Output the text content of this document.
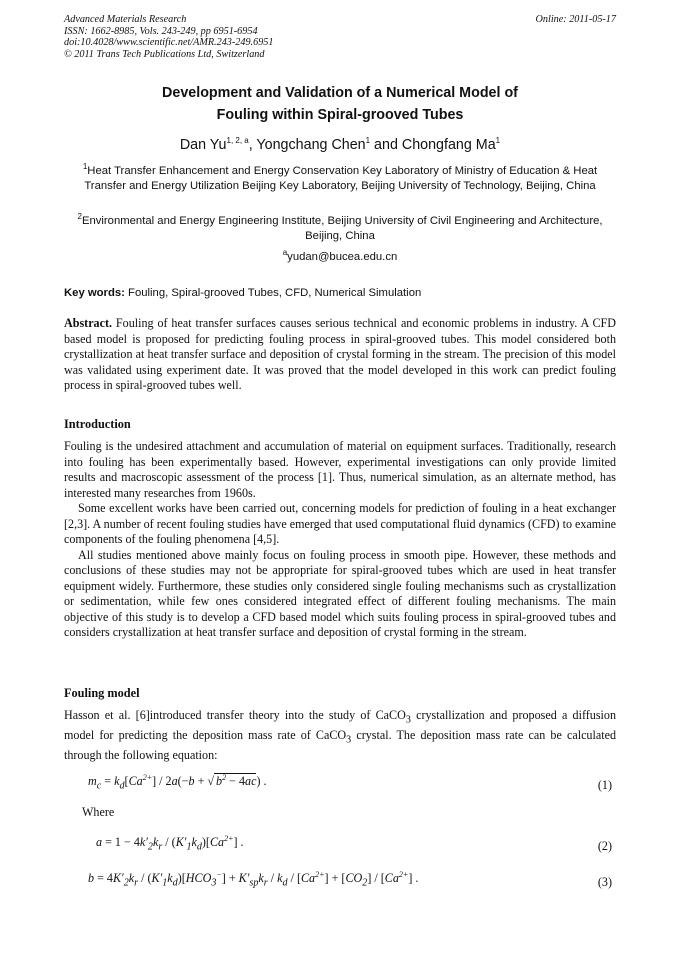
Advanced Materials Research
ISSN: 1662-8985, Vols. 243-249, pp 6951-6954
doi:10.4028/www.scientific.net/AMR.243-249.6951
© 2011 Trans Tech Publications Ltd, Switzerland
Online: 2011-05-17
Development and Validation of a Numerical Model of
Fouling within Spiral-grooved Tubes
Dan Yu$^{1, 2, a}$, Yongchang Chen$^1$ and Chongfang Ma$^1$
$^1$Heat Transfer Enhancement and Energy Conservation Key Laboratory of Ministry of Education & Heat Transfer and Energy Utilization Beijing Key Laboratory, Beijing University of Technology, Beijing, China
$^2$Environmental and Energy Engineering Institute, Beijing University of Civil Engineering and Architecture, Beijing, China
$^a$yudan@bucea.edu.cn
Key words: Fouling, Spiral-grooved Tubes, CFD, Numerical Simulation
Abstract. Fouling of heat transfer surfaces causes serious technical and economic problems in industry. A CFD based model is proposed for predicting fouling process in spiral-grooved tubes. This model considered both crystallization at heat transfer surface and deposition of crystal forming in the stream. The precision of this model was validated using experiment date. It was proved that the model developed in this work can predict fouling process in spiral-grooved tubes well.
Introduction

Fouling is the undesired attachment and accumulation of material on equipment surfaces. Traditionally, research into fouling has been experimentally based. However, experimental investigations can only provide limited results and macroscopic assessment of the process [1]. Thus, numerical simulation, as an alternate method, has interested many researches from 1960s.

Some excellent works have been carried out, concerning models for prediction of fouling in a heat exchanger [2,3]. A number of recent fouling studies have emerged that used computational fluid dynamics (CFD) to examine components of the fouling phenomena [4,5].

All studies mentioned above mainly focus on fouling process in smooth pipe. However, these methods and conclusions of these studies may not be appropriate for spiral-grooved tubes which are used in heat transfer equipment widely. Furthermore, these studies only considered single fouling mechanisms such as crystallization or sedimentation, while few ones considered integrated effect of different fouling mechanisms. The main objective of this study is to develop a CFD based model which suits fouling process in spiral-grooved tubes and considers crystallization at heat transfer surface and deposition of crystal forming in the stream.

Fouling model
Hasson et al. [6]introduced transfer theory into the study of CaCO$_3$ crystallization and proposed a diffusion model for predicting the deposition mass rate of CaCO$_3$ crystal. The deposition mass rate can be calculated through the following equation:
$m_c = k_d[Ca^{2+}] / 2a(-b$ + √ $b^2 - 4ac$) .	(1)
Where
$a = 1 - 4k'_2k_r / (K'_1k_d)[Ca^{2+}]$ .	(2)
$b = 4K'_2k_r / (K'_1k_d)[HCO_3^-] + K'_{sp}k_r / k_d / [Ca^{2+}] + [CO_2] / [Ca^{2+}]$ .	(3)
